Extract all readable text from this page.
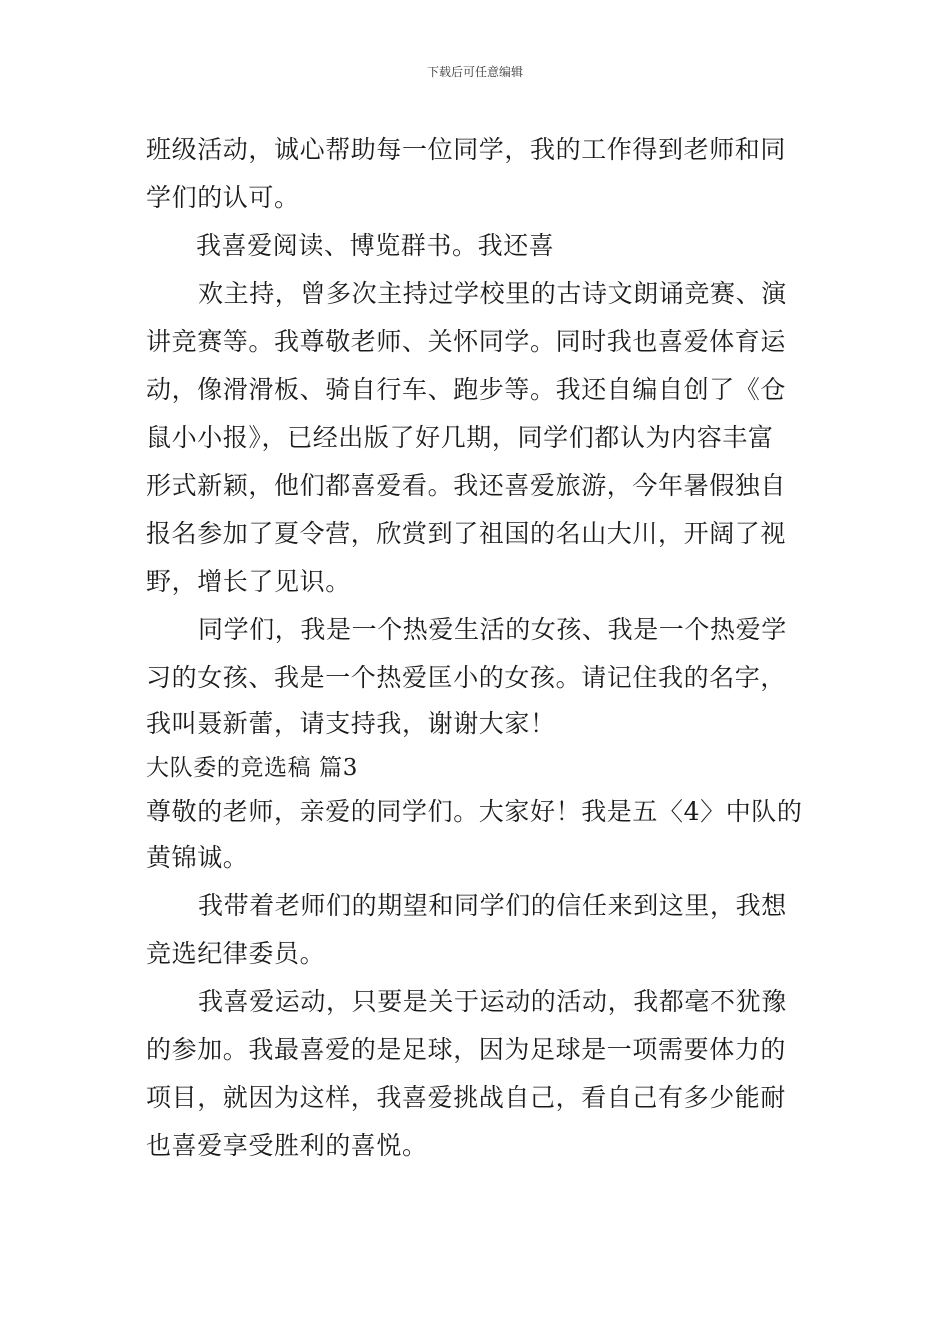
下载后可任意编辑
班级活动，诚心帮助每一位同学，我的工作得到老师和同
学们的认可。
我喜爱阅读、博览群书。我还喜
欢主持，曾多次主持过学校里的古诗文朗诵竞赛、演
讲竞赛等。我尊敬老师、关怀同学。同时我也喜爱体育运
动，像滑滑板、骑自行车、跑步等。我还自编自创了《仓
鼠小小报》，已经出版了好几期，同学们都认为内容丰富
形式新颖，他们都喜爱看。我还喜爱旅游，今年暑假独自
报名参加了夏令营，欣赏到了祖国的名山大川，开阔了视
野，增长了见识。
同学们，我是一个热爱生活的女孩、我是一个热爱学
习的女孩、我是一个热爱匡小的女孩。请记住我的名字，
我叫聂新蕾，请支持我，谢谢大家！
大队委的竞选稿 篇3
尊敬的老师，亲爱的同学们。大家好！我是五〈4〉中队的
黄锦诚。
我带着老师们的期望和同学们的信任来到这里，我想
竞选纪律委员。
我喜爱运动，只要是关于运动的活动，我都毫不犹豫
的参加。我最喜爱的是足球，因为足球是一项需要体力的
项目，就因为这样，我喜爱挑战自己，看自己有多少能耐
也喜爱享受胜利的喜悦。
